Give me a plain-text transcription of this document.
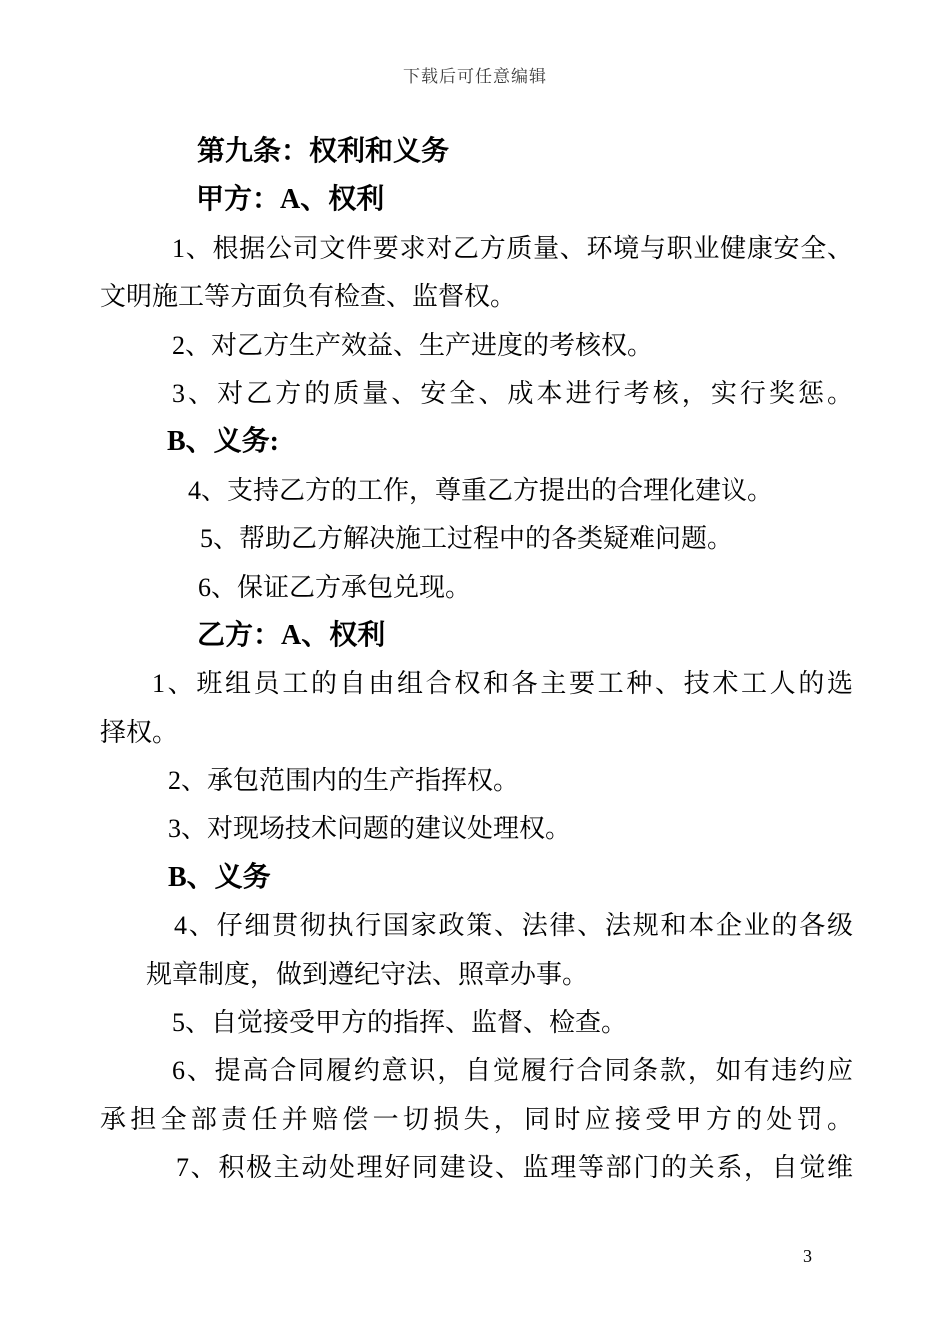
下载后可任意编辑
第九条：权利和义务
甲方：A、权利
1、根据公司文件要求对乙方质量、环境与职业健康安全、
文明施工等方面负有检查、监督权。
2、对乙方生产效益、生产进度的考核权。
3、对乙方的质量、安全、成本进行考核，实行奖惩。
B、义务:
4、支持乙方的工作，尊重乙方提出的合理化建议。
5、帮助乙方解决施工过程中的各类疑难问题。
6、保证乙方承包兑现。
乙方：A、权利
1、班组员工的自由组合权和各主要工种、技术工人的选
择权。
2、承包范围内的生产指挥权。
3、对现场技术问题的建议处理权。
B、义务
4、仔细贯彻执行国家政策、法律、法规和本企业的各级
规章制度，做到遵纪守法、照章办事。
5、自觉接受甲方的指挥、监督、检查。
6、提高合同履约意识，自觉履行合同条款，如有违约应
承担全部责任并赔偿一切损失，同时应接受甲方的处罚。
7、积极主动处理好同建设、监理等部门的关系，自觉维
3
